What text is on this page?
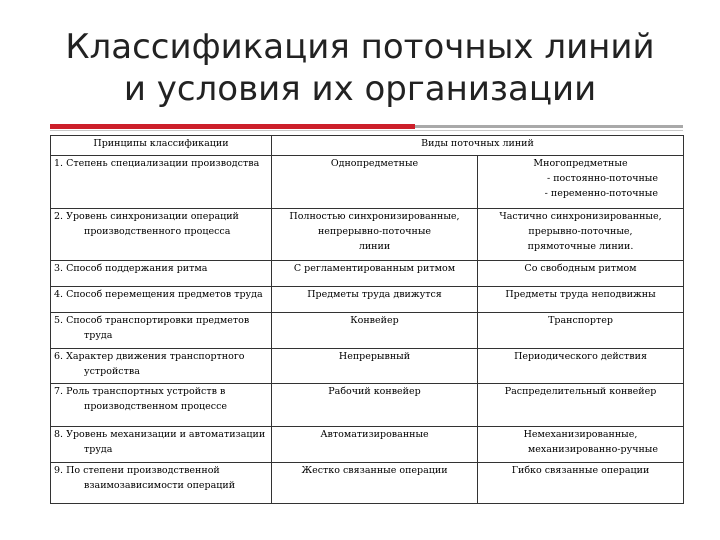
Классификация поточных линий
и условия их организации
Принципы классификации	Виды поточных линий	

1. Степень специализации производства	Однопредметные	Многопредметные
- постоянно-поточные
- переменно-поточные

2. Уровень синхронизации операций
производственного процесса	Полностью синхронизированные,
непрерывно-поточные
линии	Частично синхронизированные,
прерывно-поточные,
прямоточные линии.

3. Способ поддержания ритма	С регламентированным ритмом	Со свободным ритмом

4. Способ перемещения предметов труда	Предметы труда движутся	Предметы труда неподвижны

5. Способ транспортировки предметов
труда	Конвейер	Транспортер

6. Характер движения транспортного
устройства	Непрерывный	Периодического действия

7. Роль транспортных устройств в
производственном процессе	Рабочий конвейер	Распределительный конвейер

8. Уровень механизации и автоматизации
труда	Автоматизированные	Немеханизированные,
механизированно-ручные

9. По степени производственной
взаимозависимости операций	Жестко связанные операции	Гибко связанные операции
